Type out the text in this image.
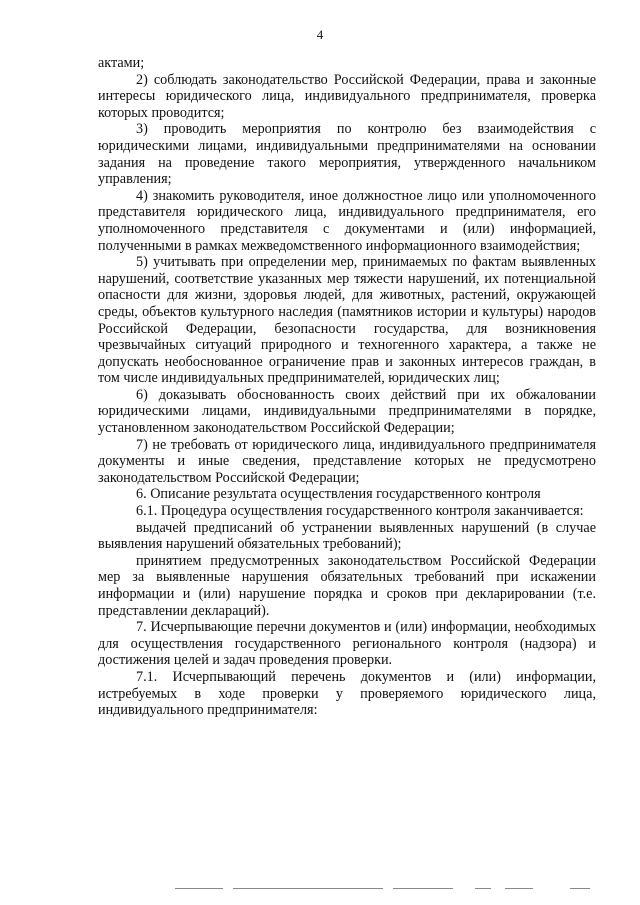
4

актами;

2) соблюдать законодательство Российской Федерации, права и законные интересы юридического лица, индивидуального предпринимателя, проверка которых проводится;

3) проводить мероприятия по контролю без взаимодействия с юридическими лицами, индивидуальными предпринимателями на основании задания на проведение такого мероприятия, утвержденного начальником управления;

4) знакомить руководителя, иное должностное лицо или уполномоченного представителя юридического лица, индивидуального предпринимателя, его уполномоченного представителя с документами и (или) информацией, полученными в рамках межведомственного информационного взаимодействия;

5) учитывать при определении мер, принимаемых по фактам выявленных нарушений, соответствие указанных мер тяжести нарушений, их потенциальной опасности для жизни, здоровья людей, для животных, растений, окружающей среды, объектов культурного наследия (памятников истории и культуры) народов Российской Федерации, безопасности государства, для возникновения чрезвычайных ситуаций природного и техногенного характера, а также не допускать необоснованное ограничение прав и законных интересов граждан, в том числе индивидуальных предпринимателей, юридических лиц;

6) доказывать обоснованность своих действий при их обжаловании юридическими лицами, индивидуальными предпринимателями в порядке, установленном законодательством Российской Федерации;

7) не требовать от юридического лица, индивидуального предпринимателя документы и иные сведения, представление которых не предусмотрено законодательством Российской Федерации;

6. Описание результата осуществления государственного контроля

6.1. Процедура осуществления государственного контроля заканчивается:

выдачей предписаний об устранении выявленных нарушений (в случае выявления нарушений обязательных требований);

принятием предусмотренных законодательством Российской Федерации мер за выявленные нарушения обязательных требований при искажении информации и (или) нарушение порядка и сроков при декларировании (т.е. представлении деклараций).

7. Исчерпывающие перечни документов и (или) информации, необходимых для осуществления государственного регионального контроля (надзора) и достижения целей и задач проведения проверки.

7.1. Исчерпывающий перечень документов и (или) информации, истребуемых в ходе проверки у проверяемого юридического лица, индивидуального предпринимателя:
